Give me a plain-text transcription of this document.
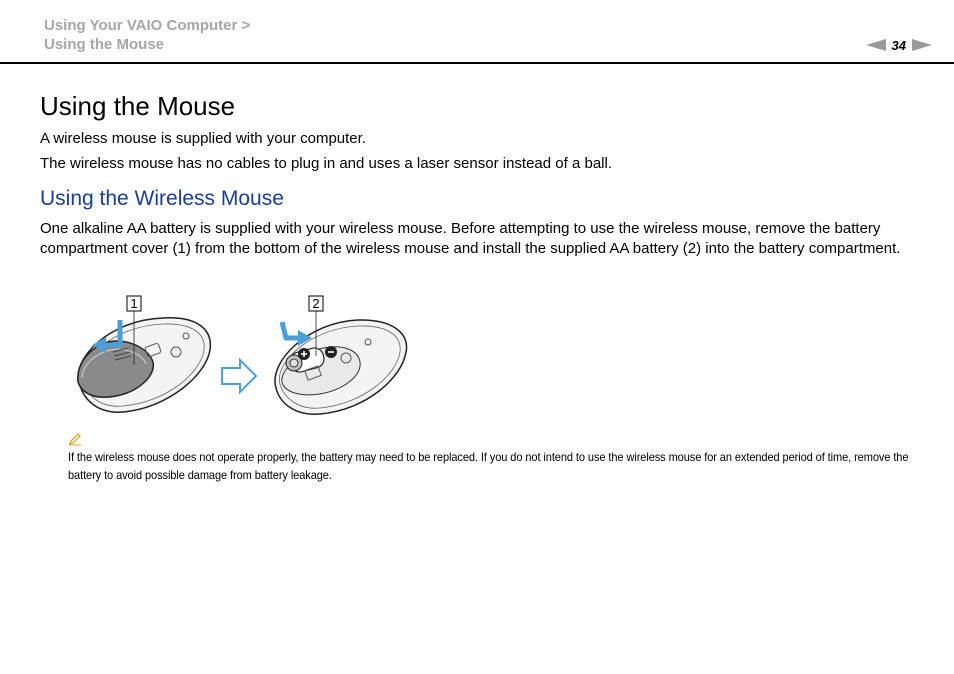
Using Your VAIO Computer >
Using the Mouse	34
Using the Mouse

A wireless mouse is supplied with your computer.

The wireless mouse has no cables to plug in and uses a laser sensor instead of a ball.

Using the Wireless Mouse

One alkaline AA battery is supplied with your wireless mouse. Before attempting to use the wireless mouse, remove the battery compartment cover (1) from the bottom of the wireless mouse and install the supplied AA battery (2) into the battery compartment.

1	2
If the wireless mouse does not operate properly, the battery may need to be replaced. If you do not intend to use the wireless mouse for an extended period of time, remove the battery to avoid possible damage from battery leakage.
